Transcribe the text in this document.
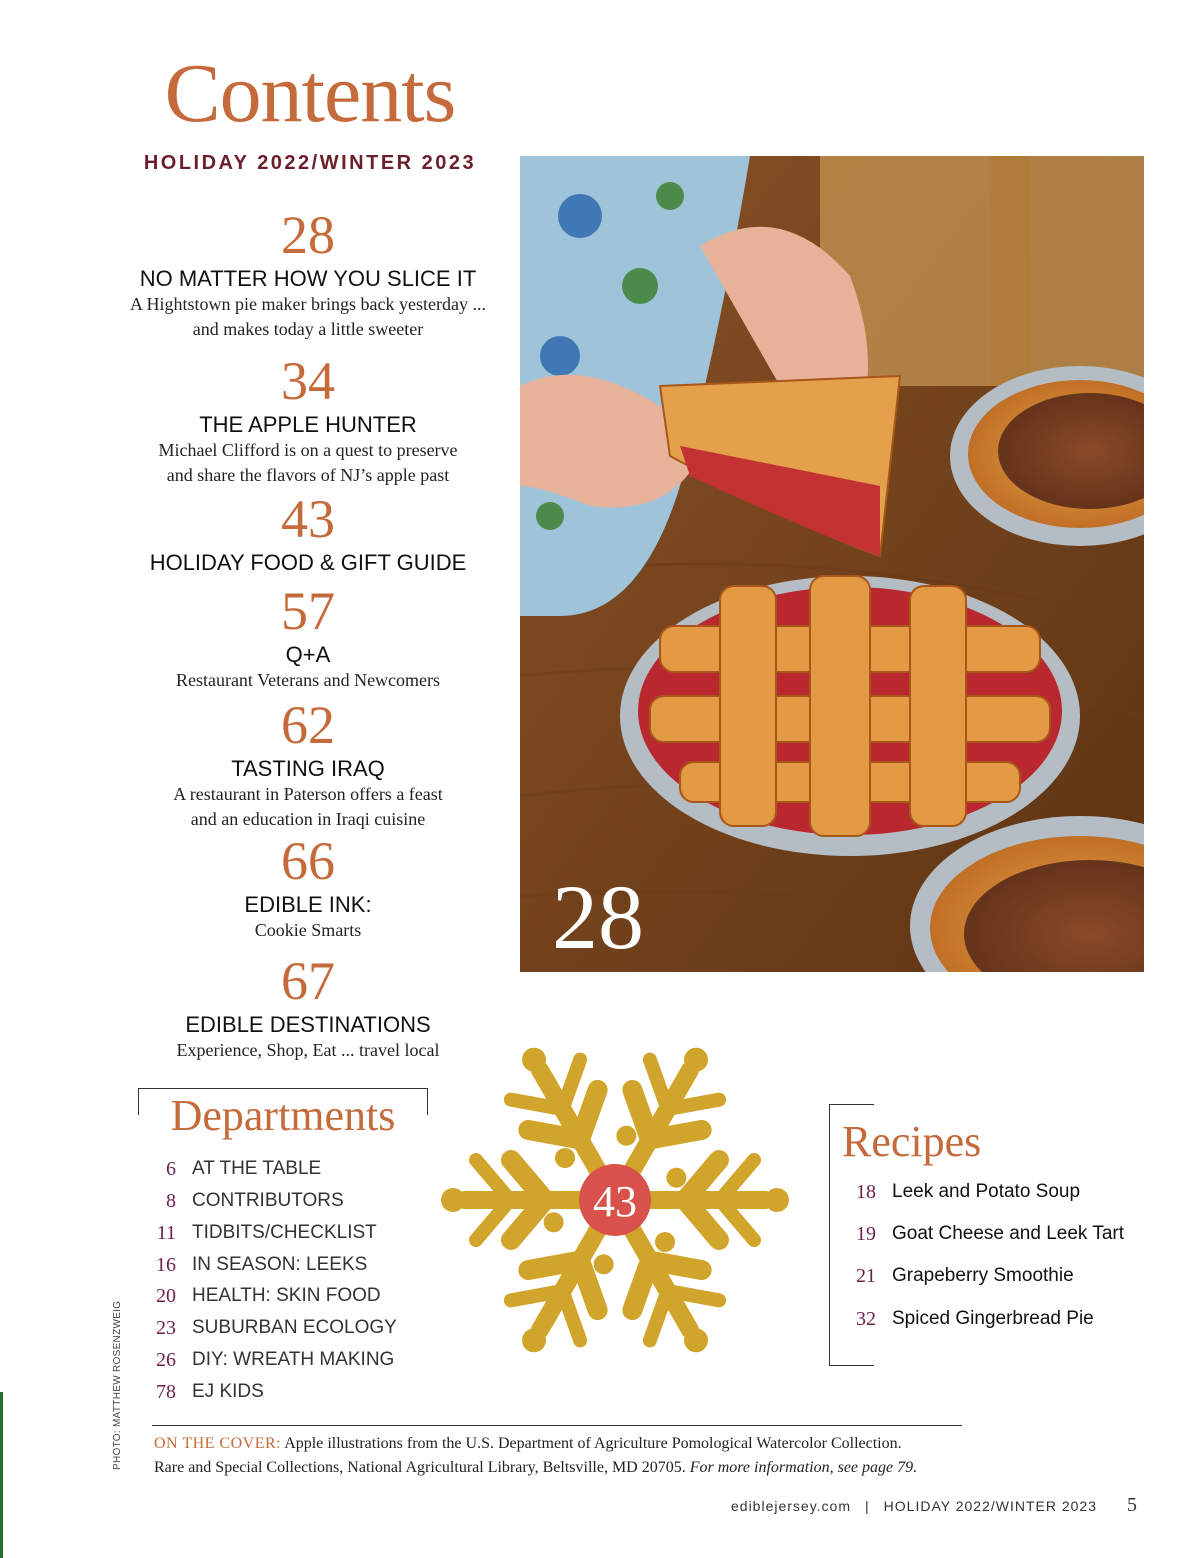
Contents
HOLIDAY 2022/WINTER 2023
28
NO MATTER HOW YOU SLICE IT
A Hightstown pie maker brings back yesterday ...
and makes today a little sweeter
34
THE APPLE HUNTER
Michael Clifford is on a quest to preserve
and share the flavors of NJ’s apple past
43
HOLIDAY FOOD & GIFT GUIDE
57
Q+A
Restaurant Veterans and Newcomers
62
TASTING IRAQ
A restaurant in Paterson offers a feast
and an education in Iraqi cuisine
66
EDIBLE INK:
Cookie Smarts
67
EDIBLE DESTINATIONS
Experience, Shop, Eat ... travel local
28
Departments
6 AT THE TABLE
8 CONTRIBUTORS
11 TIDBITS/CHECKLIST
16 IN SEASON: LEEKS
20 HEALTH: SKIN FOOD
23 SUBURBAN ECOLOGY
26 DIY: WREATH MAKING
78 EJ KIDS
43
Recipes
18 Leek and Potato Soup
19 Goat Cheese and Leek Tart
21 Grapeberry Smoothie
32 Spiced Gingerbread Pie
PHOTO: MATTHEW ROSENZWEIG ON THE COVER: Apple illustrations from the U.S. Department of Agriculture Pomological Watercolor Collection.
Rare and Special Collections, National Agricultural Library, Beltsville, MD 20705. For more information, see page 79.
ediblejersey.com | HOLIDAY 2022/WINTER 2023 5
